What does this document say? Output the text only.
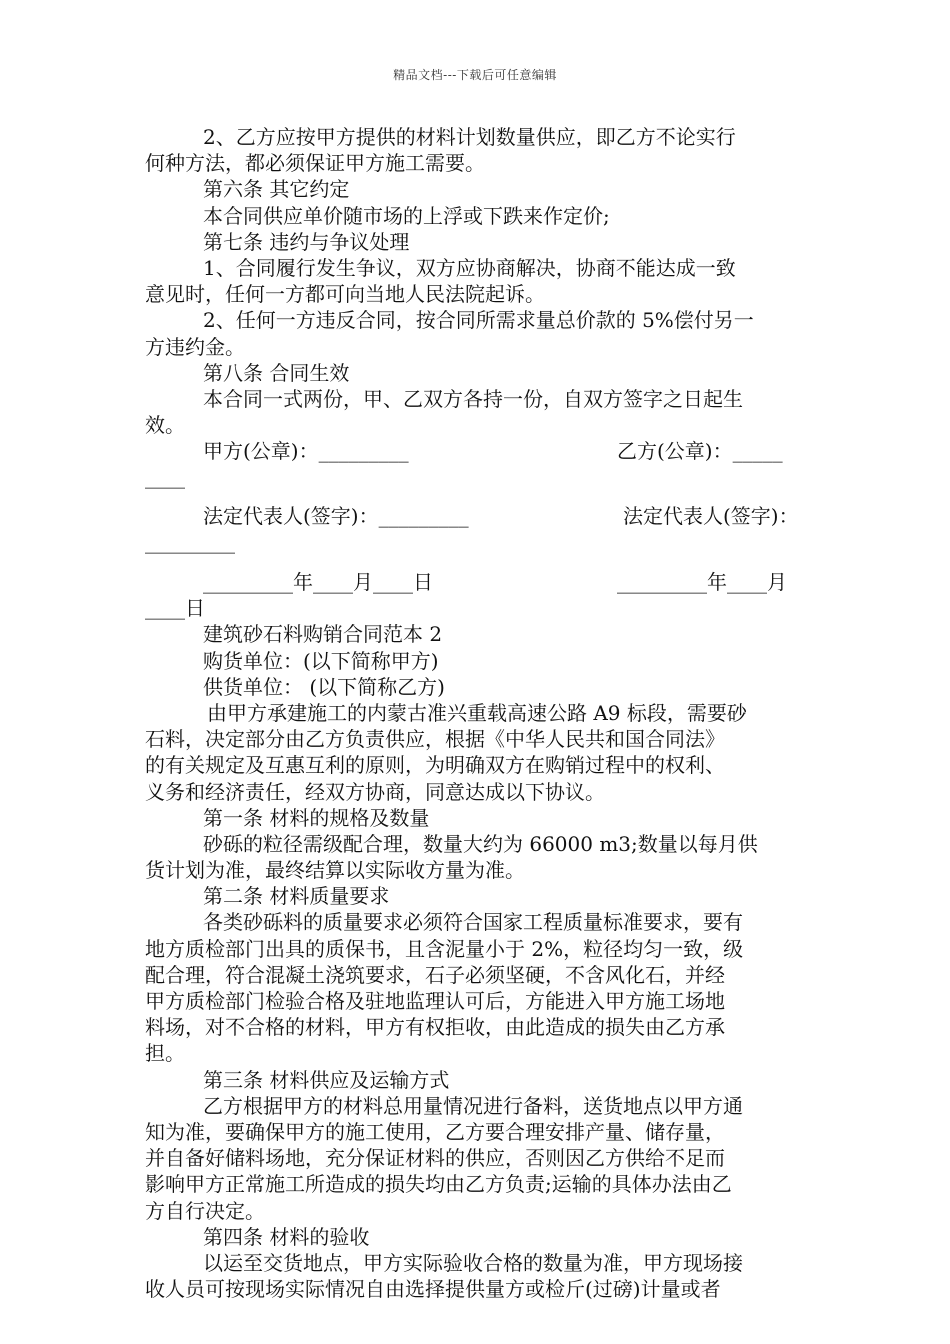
精品文档---下载后可任意编辑
2、乙方应按甲方提供的材料计划数量供应，即乙方不论实行
何种方法，都必须保证甲方施工需要。
第六条 其它约定
本合同供应单价随市场的上浮或下跌来作定价;
第七条 违约与争议处理
1、合同履行发生争议，双方应协商解决，协商不能达成一致
意见时，任何一方都可向当地人民法院起诉。
2、任何一方违反合同，按合同所需求量总价款的 5%偿付另一
方违约金。
第八条 合同生效
本合同一式两份，甲、乙双方各持一份，自双方签字之日起生
效。
甲方(公章)：_________	乙方(公章)：_____
____
法定代表人(签字)：_________	法定代表人(签字)：
_________
_________年____月____日	_________年____月
____日
建筑砂石料购销合同范本 2
购货单位：(以下简称甲方)
供货单位： (以下简称乙方)
由甲方承建施工的内蒙古准兴重载高速公路 A9 标段，需要砂
石料，决定部分由乙方负责供应，根据《中华人民共和国合同法》
的有关规定及互惠互利的原则，为明确双方在购销过程中的权利、
义务和经济责任，经双方协商，同意达成以下协议。
第一条 材料的规格及数量
砂砾的粒径需级配合理，数量大约为 66000 m3;数量以每月供
货计划为准，最终结算以实际收方量为准。
第二条 材料质量要求
各类砂砾料的质量要求必须符合国家工程质量标准要求，要有
地方质检部门出具的质保书，且含泥量小于 2%，粒径均匀一致，级
配合理，符合混凝土浇筑要求，石子必须坚硬，不含风化石，并经
甲方质检部门检验合格及驻地监理认可后，方能进入甲方施工场地
料场，对不合格的材料，甲方有权拒收，由此造成的损失由乙方承
担。
第三条 材料供应及运输方式
乙方根据甲方的材料总用量情况进行备料，送货地点以甲方通
知为准，要确保甲方的施工使用，乙方要合理安排产量、储存量，
并自备好储料场地，充分保证材料的供应，否则因乙方供给不足而
影响甲方正常施工所造成的损失均由乙方负责;运输的具体办法由乙
方自行决定。
第四条 材料的验收
以运至交货地点，甲方实际验收合格的数量为准，甲方现场接
收人员可按现场实际情况自由选择提供量方或检斤(过磅)计量或者
